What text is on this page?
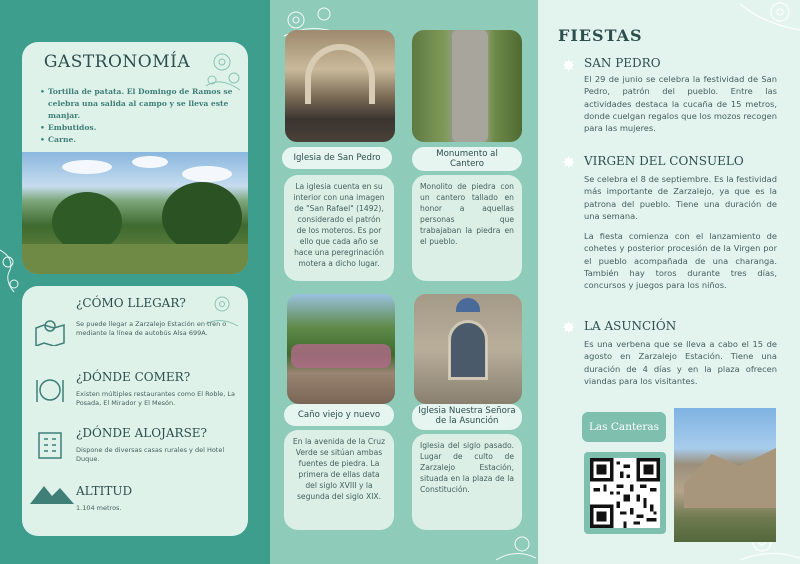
GASTRONOMÍA
• Tortilla de patata. El Domingo de Ramos se celebra una salida al campo y se lleva este manjar.
• Embutidos.
• Carne.
¿CÓMO LLEGAR?
Se puede llegar a Zarzalejo Estación en tren o mediante la línea de autobús Alsa 699A.
¿DÓNDE COMER?
Existen múltiples restaurantes como El Roble, La Posada, El Mirador y El Mesón.
¿DÓNDE ALOJARSE?
Dispone de diversas casas rurales y del Hotel Duque.
ALTITUD
1.104 metros.
Iglesia de San Pedro
La iglesia cuenta en su interior con una imagen de "San Rafael" (1492), considerado el patrón de los moteros. Es por ello que cada año se hace una peregrinación motera a dicho lugar.
Monumento al Cantero
Monolito de piedra con un cantero tallado en honor a aquellas personas que trabajaban la piedra en el pueblo.
Caño viejo y nuevo
En la avenida de la Cruz Verde se sitúan ambas fuentes de piedra. La primera de ellas data del siglo XVIII y la segunda del siglo XIX.
Iglesia Nuestra Señora de la Asunción
Iglesia del siglo pasado. Lugar de culto de Zarzalejo Estación, situada en la plaza de la Constitución.
FIESTAS
✸ SAN PEDRO
El 29 de junio se celebra la festividad de San Pedro, patrón del pueblo. Entre las actividades destaca la cucaña de 15 metros, donde cuelgan regalos que los mozos recogen para las mujeres.
✸ VIRGEN DEL CONSUELO
Se celebra el 8 de septiembre. Es la festividad más importante de Zarzalejo, ya que es la patrona del pueblo. Tiene una duración de una semana.
La fiesta comienza con el lanzamiento de cohetes y posterior procesión de la Virgen por el pueblo acompañada de una charanga. También hay toros durante tres días, concursos y juegos para los niños.
✸ LA ASUNCIÓN
Es una verbena que se lleva a cabo el 15 de agosto en Zarzalejo Estación. Tiene una duración de 4 días y en la plaza ofrecen viandas para los visitantes.
Las Canteras
